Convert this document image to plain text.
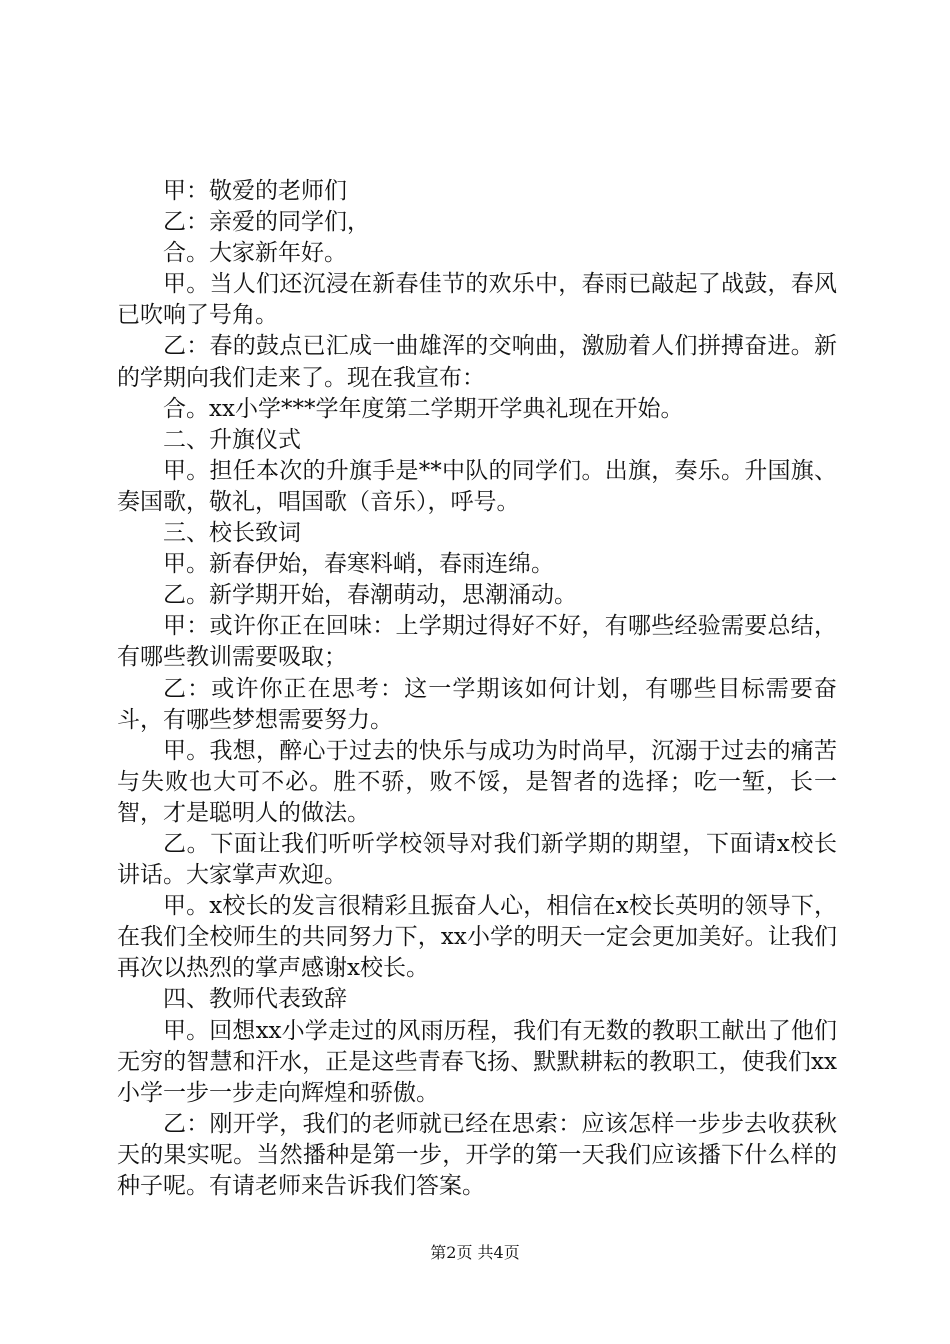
甲：敬爱的老师们

乙：亲爱的同学们，

合。大家新年好。

甲。当人们还沉浸在新春佳节的欢乐中，春雨已敲起了战鼓，春风已吹响了号角。

乙：春的鼓点已汇成一曲雄浑的交响曲，激励着人们拼搏奋进。新的学期向我们走来了。现在我宣布：

合。xx小学***学年度第二学期开学典礼现在开始。

二、升旗仪式

甲。担任本次的升旗手是**中队的同学们。出旗，奏乐。升国旗、奏国歌，敬礼，唱国歌（音乐），呼号。

三、校长致词

甲。新春伊始，春寒料峭，春雨连绵。

乙。新学期开始，春潮萌动，思潮涌动。

甲：或许你正在回味：上学期过得好不好，有哪些经验需要总结，有哪些教训需要吸取；

乙：或许你正在思考：这一学期该如何计划，有哪些目标需要奋斗，有哪些梦想需要努力。

甲。我想，醉心于过去的快乐与成功为时尚早，沉溺于过去的痛苦与失败也大可不必。胜不骄，败不馁，是智者的选择；吃一堑，长一智，才是聪明人的做法。

乙。下面让我们听听学校领导对我们新学期的期望，下面请x校长讲话。大家掌声欢迎。

甲。x校长的发言很精彩且振奋人心，相信在x校长英明的领导下，在我们全校师生的共同努力下，xx小学的明天一定会更加美好。让我们再次以热烈的掌声感谢x校长。

四、教师代表致辞

甲。回想xx小学走过的风雨历程，我们有无数的教职工献出了他们无穷的智慧和汗水，正是这些青春飞扬、默默耕耘的教职工，使我们xx小学一步一步走向辉煌和骄傲。

乙：刚开学，我们的老师就已经在思索：应该怎样一步步去收获秋天的果实呢。当然播种是第一步，开学的第一天我们应该播下什么样的种子呢。有请老师来告诉我们答案。

第2页 共4页
